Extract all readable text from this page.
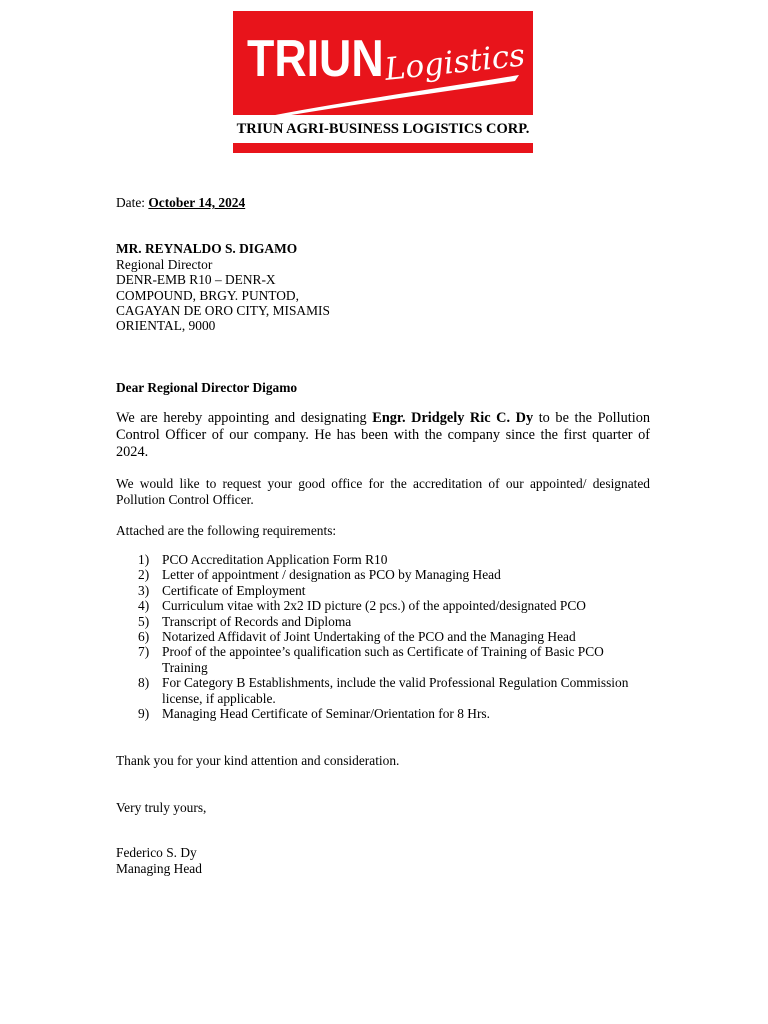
TRIUN Logistics
TRIUN AGRI-BUSINESS LOGISTICS CORP.
Date: October 14, 2024
MR. REYNALDO S. DIGAMO
Regional Director
DENR-EMB R10 – DENR-X
COMPOUND, BRGY. PUNTOD,
CAGAYAN DE ORO CITY, MISAMIS
ORIENTAL, 9000
Dear Regional Director Digamo

We are hereby appointing and designating Engr. Dridgely Ric C. Dy to be the Pollution Control Officer of our company. He has been with the company since the first quarter of 2024.

We would like to request your good office for the accreditation of our appointed/ designated Pollution Control Officer.

Attached are the following requirements:
1) PCO Accreditation Application Form R10
2) Letter of appointment / designation as PCO by Managing Head
3) Certificate of Employment
4) Curriculum vitae with 2x2 ID picture (2 pcs.) of the appointed/designated PCO
5) Transcript of Records and Diploma
6) Notarized Affidavit of Joint Undertaking of the PCO and the Managing Head
7) Proof of the appointee’s qualification such as Certificate of Training of Basic PCO Training
8) For Category B Establishments, include the valid Professional Regulation Commission license, if applicable.
9) Managing Head Certificate of Seminar/Orientation for 8 Hrs.
Thank you for your kind attention and consideration.
Very truly yours,
Federico S. Dy
Managing Head
